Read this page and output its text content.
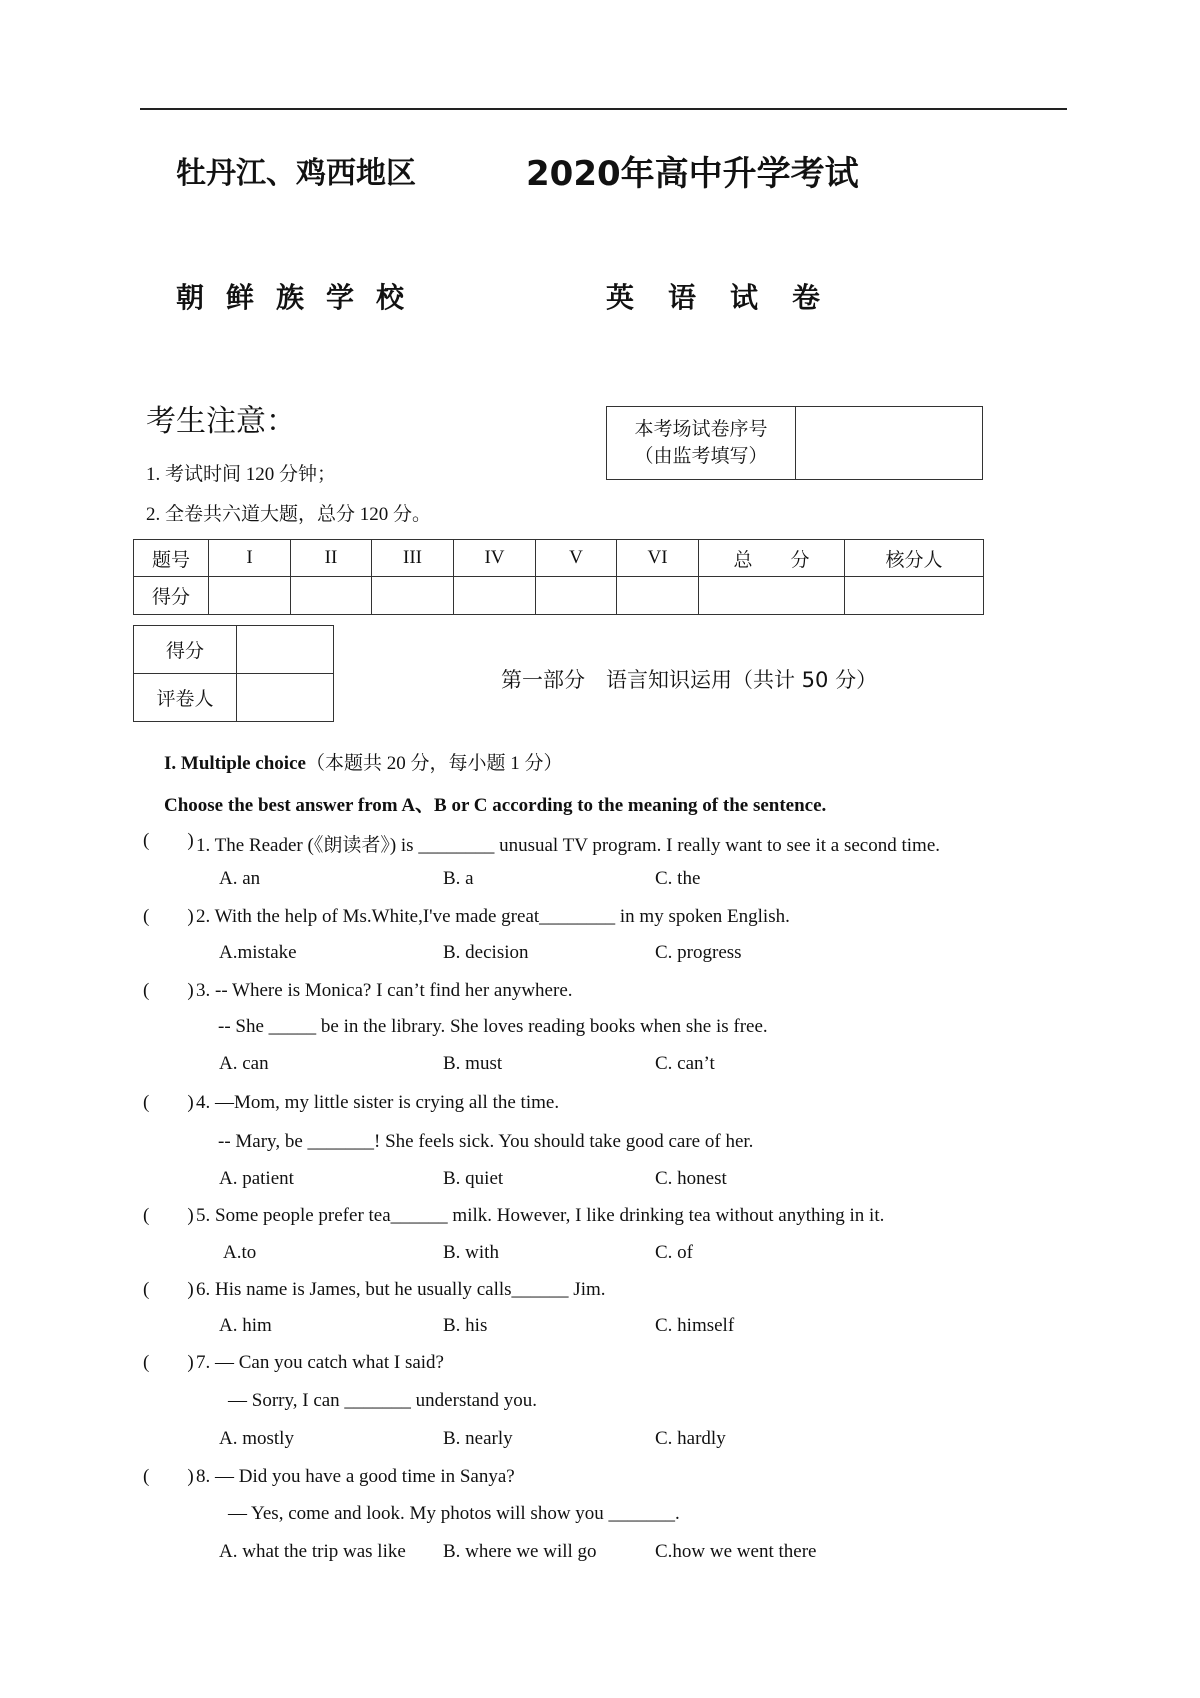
牡丹江、鸡西地区	2020年高中升学考试
朝鲜族学校	英语试卷
考生注意：
1. 考试时间 120 分钟；
2. 全卷共六道大题，总分 120 分。
本考场试卷序号
（由监考填写）

题号	I	II	III	IV	V	VI	总　　分	核分人
得分								
得分	
评卷人	
第一部分　语言知识运用（共计 50 分）
I. Multiple choice（本题共 20 分，每小题 1 分）
Choose the best answer from A、B or C according to the meaning of the sentence.
(  ) 1. The Reader (《朗读者》) is ________ unusual TV program. I really want to see it a second time.
A. an	B. a	C. the
(  ) 2. With the help of Ms.White,I've made great________ in my spoken English.
A.mistake	B. decision	C. progress
(  ) 3. -- Where is Monica? I can’t find her anywhere.
-- She _____ be in the library. She loves reading books when she is free.
A. can	B. must	C. can’t
(  ) 4. —Mom, my little sister is crying all the time.
-- Mary, be _______! She feels sick. You should take good care of her.
A. patient	B. quiet	C. honest
(  ) 5. Some people prefer tea______ milk. However, I like drinking tea without anything in it.
A.to	B. with	C. of
(  ) 6. His name is James, but he usually calls______ Jim.
A. him	B. his	C. himself
(  ) 7. — Can you catch what I said?
— Sorry, I can _______ understand you.
A. mostly	B. nearly	C. hardly
(  ) 8. — Did you have a good time in Sanya?
— Yes, come and look. My photos will show you _______.
A. what the trip was like B. where we will go	C.how we went there
